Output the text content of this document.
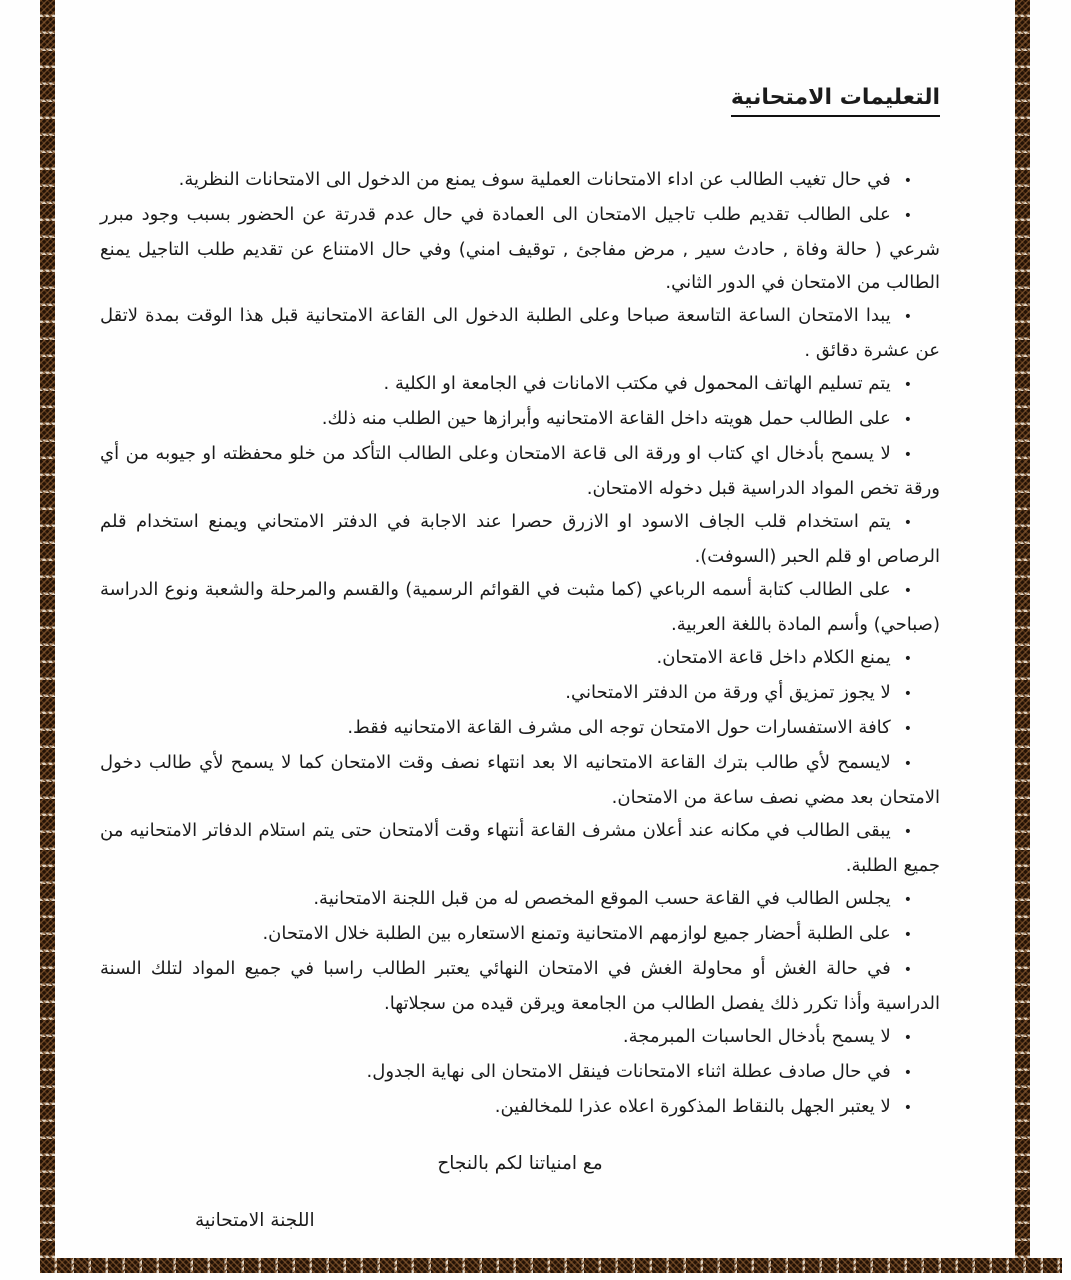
التعليمات الامتحانية
•في حال تغيب الطالب عن اداء الامتحانات العملية سوف يمنع من الدخول الى الامتحانات النظرية.
•على الطالب تقديم طلب تاجيل الامتحان الى العمادة في حال عدم قدرتة عن الحضور بسبب وجود مبرر شرعي ( حالة وفاة , حادث سير , مرض مفاجئ , توقيف امني) وفي حال الامتناع عن تقديم طلب التاجيل يمنع الطالب من الامتحان في الدور الثاني.
•يبدا الامتحان الساعة التاسعة صباحا وعلى الطلبة الدخول الى القاعة الامتحانية قبل هذا الوقت بمدة لاتقل عن عشرة دقائق .
•يتم تسليم الهاتف المحمول في مكتب الامانات في الجامعة او الكلية .
•على الطالب حمل هويته داخل القاعة الامتحانيه وأبرازها حين الطلب منه ذلك.
•لا يسمح بأدخال اي كتاب او ورقة الى قاعة الامتحان وعلى الطالب التأكد من خلو محفظته او جيوبه من أي ورقة تخص المواد الدراسية قبل دخوله الامتحان.
•يتم استخدام قلب الجاف الاسود او الازرق حصرا عند الاجابة في الدفتر الامتحاني ويمنع استخدام قلم الرصاص او قلم الحبر (السوفت).
•على الطالب كتابة أسمه الرباعي (كما مثبت في القوائم الرسمية) والقسم والمرحلة والشعبة ونوع الدراسة (صباحي) وأسم المادة باللغة العربية.
•يمنع الكلام داخل قاعة الامتحان.
•لا يجوز تمزيق أي ورقة من الدفتر الامتحاني.
•كافة الاستفسارات حول الامتحان توجه الى مشرف القاعة الامتحانيه فقط.
•لايسمح لأي طالب بترك القاعة الامتحانيه الا بعد انتهاء نصف وقت الامتحان كما لا يسمح لأي طالب دخول الامتحان بعد مضي نصف ساعة من الامتحان.
•يبقى الطالب في مكانه عند أعلان مشرف القاعة أنتهاء وقت ألامتحان حتى يتم استلام الدفاتر الامتحانيه من جميع الطلبة.
•يجلس الطالب في القاعة حسب الموقع المخصص له من قبل اللجنة الامتحانية.
•على الطلبة أحضار جميع لوازمهم الامتحانية وتمنع الاستعاره بين الطلبة خلال الامتحان.
•في حالة الغش أو محاولة الغش في الامتحان النهائي يعتبر الطالب راسبا في جميع المواد لتلك السنة الدراسية وأذا تكرر ذلك يفصل الطالب من الجامعة ويرقن قيده من سجلاتها.
•لا يسمح بأدخال الحاسبات المبرمجة.
•في حال صادف عطلة اثناء الامتحانات فينقل الامتحان الى نهاية الجدول.
•لا يعتبر الجهل بالنقاط المذكورة اعلاه عذرا للمخالفين.
مع امنياتنا لكم بالنجاح
اللجنة الامتحانية
